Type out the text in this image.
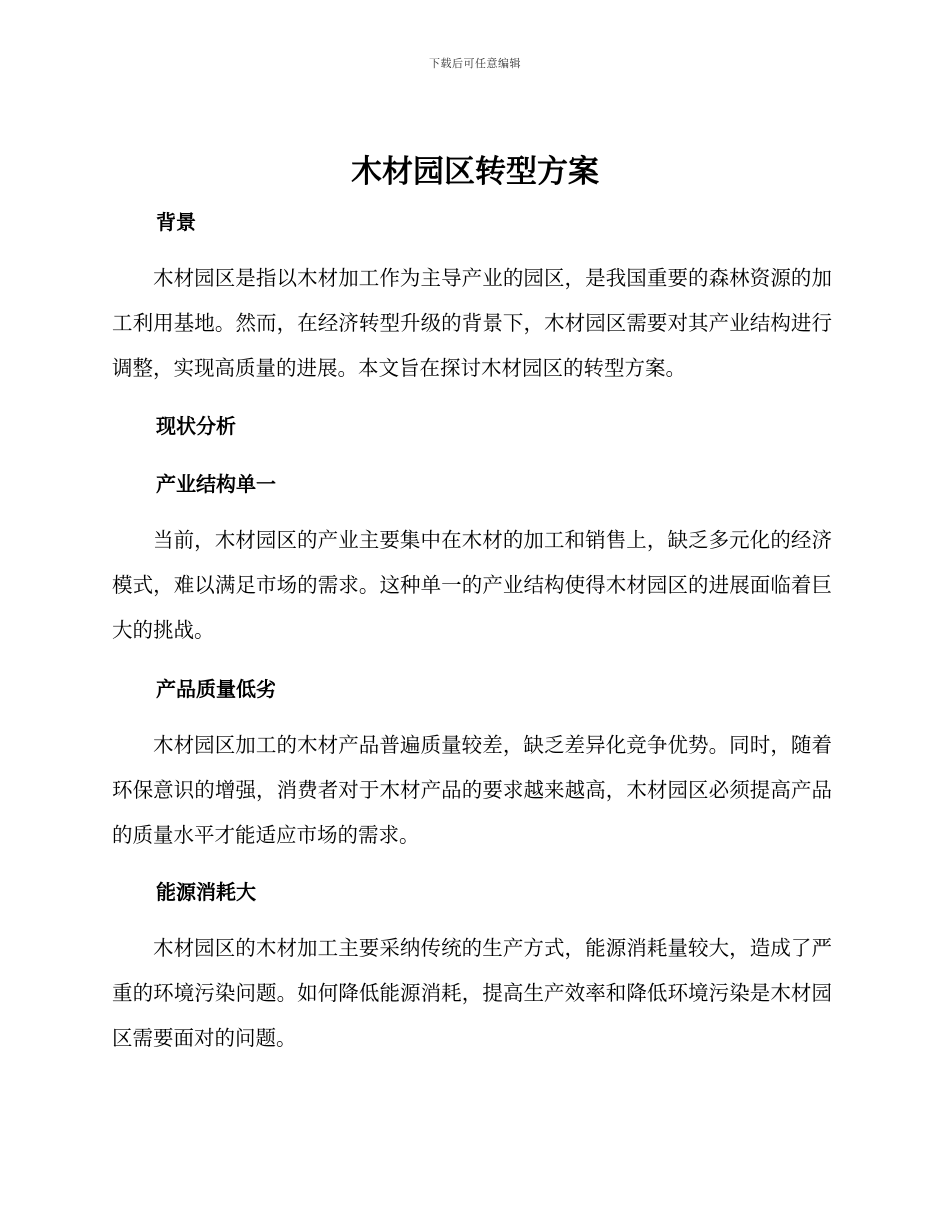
下载后可任意编辑
木材园区转型方案
背景

木材园区是指以木材加工作为主导产业的园区，是我国重要的森林资源的加工利用基地。然而，在经济转型升级的背景下，木材园区需要对其产业结构进行调整，实现高质量的进展。本文旨在探讨木材园区的转型方案。

现状分析
产业结构单一

当前，木材园区的产业主要集中在木材的加工和销售上，缺乏多元化的经济模式，难以满足市场的需求。这种单一的产业结构使得木材园区的进展面临着巨大的挑战。

产品质量低劣

木材园区加工的木材产品普遍质量较差，缺乏差异化竞争优势。同时，随着环保意识的增强，消费者对于木材产品的要求越来越高，木材园区必须提高产品的质量水平才能适应市场的需求。

能源消耗大

木材园区的木材加工主要采纳传统的生产方式，能源消耗量较大，造成了严重的环境污染问题。如何降低能源消耗，提高生产效率和降低环境污染是木材园区需要面对的问题。
